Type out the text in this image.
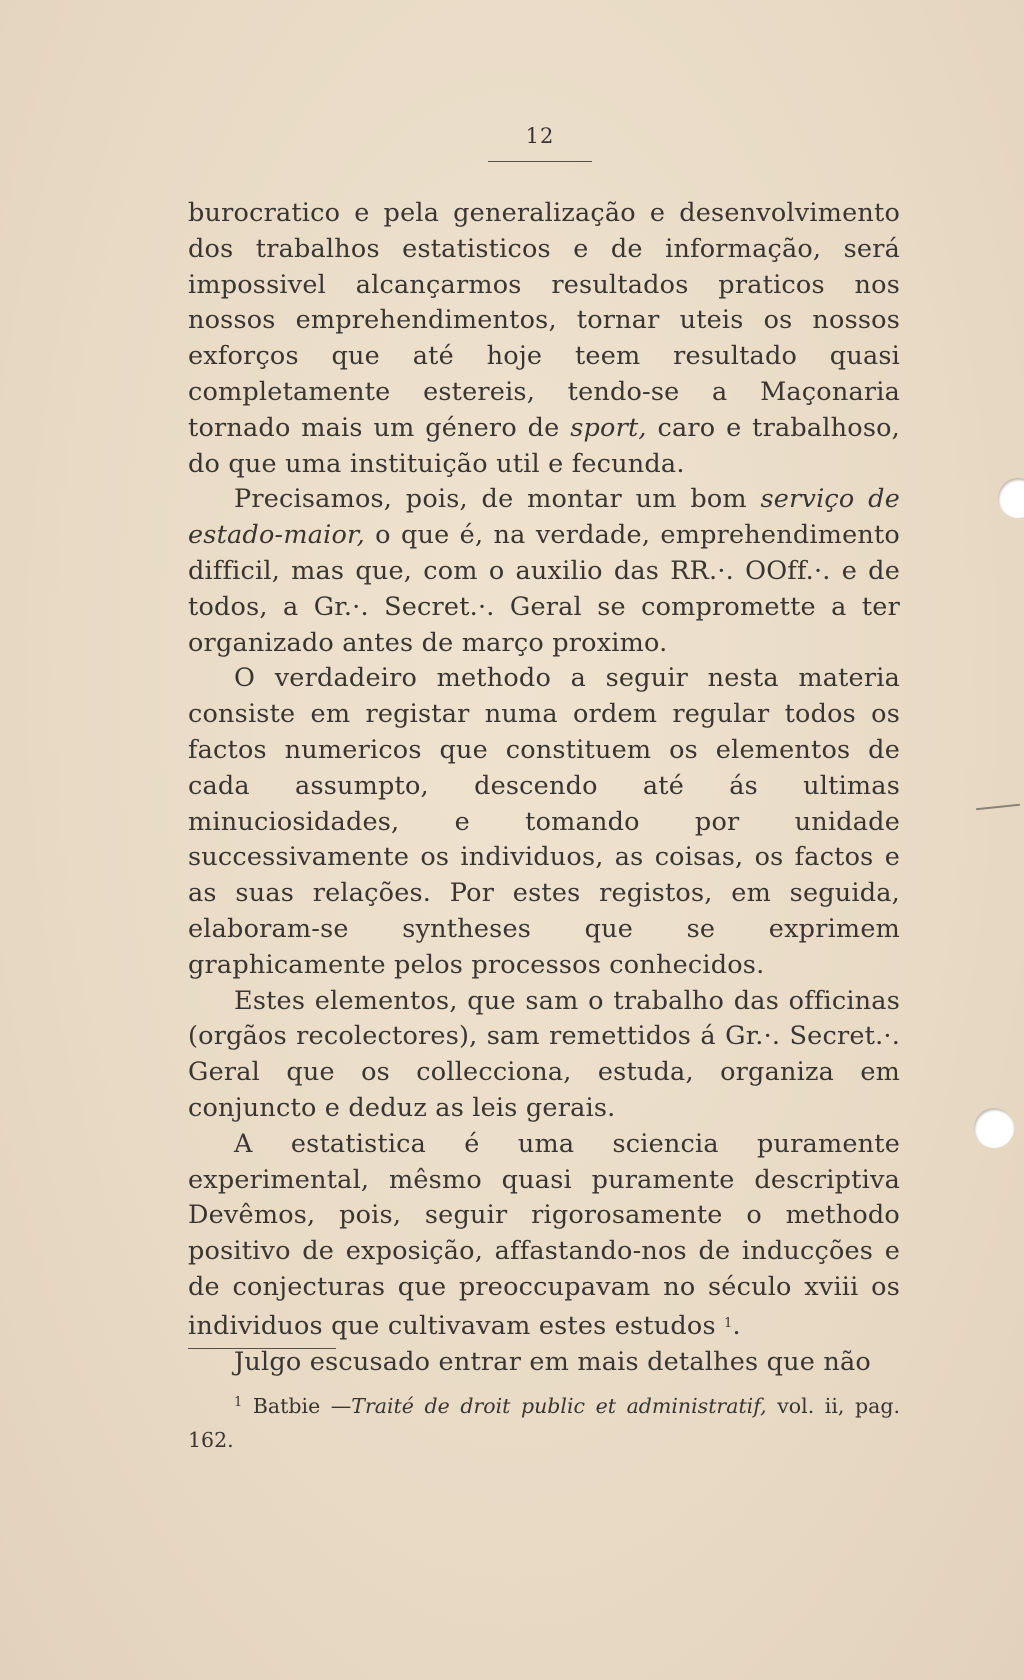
12

burocratico e pela generalização e desenvolvimento dos trabalhos estatisticos e de informação, será impossivel alcançarmos resultados praticos nos nossos emprehendimentos, tornar uteis os nossos exforços que até hoje teem resultado quasi completamente estereis, tendo-se a Maçonaria tornado mais um género de sport, caro e trabalhoso, do que uma instituição util e fecunda.

Precisamos, pois, de montar um bom serviço de estado-maior, o que é, na verdade, emprehendimento difficil, mas que, com o auxilio das RR.·. OOff.·. e de todos, a Gr.·. Secret.·. Geral se compromette a ter organizado antes de março proximo.

O verdadeiro methodo a seguir nesta materia consiste em registar numa ordem regular todos os factos numericos que constituem os elementos de cada assumpto, descendo até ás ultimas minuciosidades, e tomando por unidade successivamente os individuos, as coisas, os factos e as suas relações. Por estes registos, em seguida, elaboram-se syntheses que se exprimem graphicamente pelos processos conhecidos.

Estes elementos, que sam o trabalho das officinas (orgãos recolectores), sam remettidos á Gr.·. Secret.·. Geral que os collecciona, estuda, organiza em conjuncto e deduz as leis gerais.

A estatistica é uma sciencia puramente experimental, mêsmo quasi puramente descriptiva Devêmos, pois, seguir rigorosamente o methodo positivo de exposição, affastando-nos de inducções e de conjecturas que preoccupavam no século xviii os individuos que cultivavam estes estudos $^1$.

Julgo escusado entrar em mais detalhes que não

$^1$ Batbie —Traité de droit public et administratif, vol. ii, pag. 162.
